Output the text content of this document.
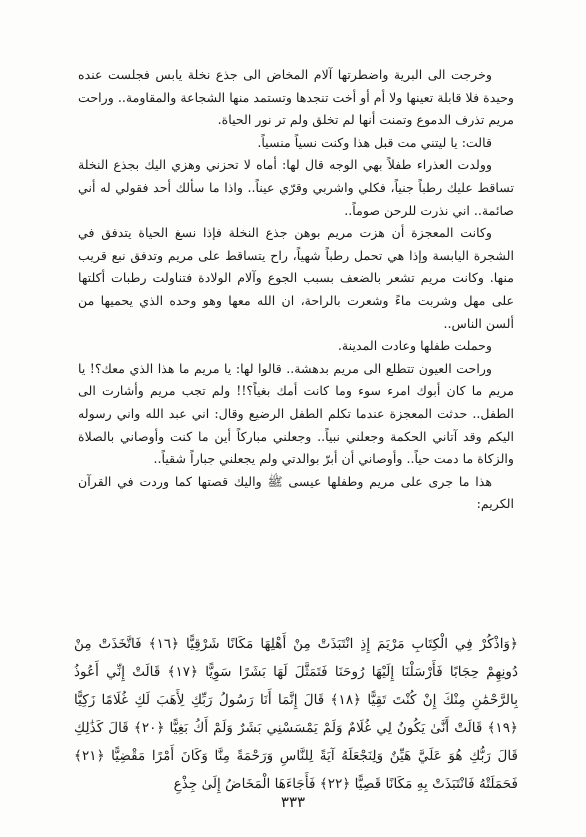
وخرجت الى البرية واضطرتها آلام المخاض الى جذع نخلة يابس فجلست عنده وحيدة فلا قابلة تعينها ولا أم أو أخت تنجدها وتستمد منها الشجاعة والمقاومة.. وراحت مريم تذرف الدموع وتمنت أنها لم تخلق ولم تر نور الحياة.

قالت: يا ليتني مت قبل هذا وكنت نسياً منسياً.

وولدت العذراء طفلاً بهي الوجه قال لها: أماه لا تحزني وهزي اليك بجذع النخلة تساقط عليك رطباً جنياً، فكلي واشربي وقرّي عيناً.. واذا ما سألك أحد فقولي له أني صائمة.. اني نذرت للرحن صوماً..

وكانت المعجزة أن هزت مريم بوهن جذع النخلة فإذا نسغ الحياة يتدفق في الشجرة اليابسة وإذا هي تحمل رطباً شهياً، راح يتساقط على مريم وتدفق نبع قريب منها. وكانت مريم تشعر بالضعف بسبب الجوع وآلام الولادة فتناولت رطبات أكلتها على مهل وشربت ماءً وشعرت بالراحة، ان الله معها وهو وحده الذي يحميها من ألسن الناس..

وحملت طفلها وعادت المدينة.

وراحت العيون تتطلع الى مريم بدهشة.. قالوا لها: يا مريم ما هذا الذي معك؟! يا مريم ما كان أبوك امرء سوء وما كانت أمك بغياً؟!! ولم تجب مريم وأشارت الى الطفل.. حدثت المعجزة عندما تكلم الطفل الرضيع وقال: اني عبد الله واني رسوله اليكم وقد آتاني الحكمة وجعلني نبياً.. وجعلني مباركاً أين ما كنت وأوصاني بالصلاة والزكاة ما دمت حياً.. وأوصاني أن أبرّ بوالدتي ولم يجعلني جباراً شقياً..

هذا ما جرى على مريم وطفلها عيسى ﷺ واليك قصتها كما وردت في القرآن الكريم:

﴿وَاذْكُرْ فِي الْكِتَابِ مَرْيَمَ إِذِ انْتَبَذَتْ مِنْ أَهْلِهَا مَكَانًا شَرْقِيًّا ﴿١٦﴾ فَاتَّخَذَتْ مِنْ دُونِهِمْ حِجَابًا فَأَرْسَلْنَا إِلَيْهَا رُوحَنَا فَتَمَثَّلَ لَهَا بَشَرًا سَوِيًّا ﴿١٧﴾ قَالَتْ إِنِّي أَعُوذُ بِالرَّحْمَٰنِ مِنْكَ إِنْ كُنْتَ تَقِيًّا ﴿١٨﴾ قَالَ إِنَّمَا أَنَا رَسُولُ رَبِّكِ لِأَهَبَ لَكِ غُلَامًا زَكِيًّا ﴿١٩﴾ قَالَتْ أَنَّىٰ يَكُونُ لِي غُلَامٌ وَلَمْ يَمْسَسْنِي بَشَرٌ وَلَمْ أَكُ بَغِيًّا ﴿٢٠﴾ قَالَ كَذَٰلِكِ قَالَ رَبُّكِ هُوَ عَلَيَّ هَيِّنٌ وَلِنَجْعَلَهُ آيَةً لِلنَّاسِ وَرَحْمَةً مِنَّا وَكَانَ أَمْرًا مَقْضِيًّا ﴿٢١﴾ فَحَمَلَتْهُ فَانْتَبَذَتْ بِهِ مَكَانًا قَصِيًّا ﴿٢٢﴾ فَأَجَاءَهَا الْمَخَاضُ إِلَىٰ جِذْعِ
٣٣٣
